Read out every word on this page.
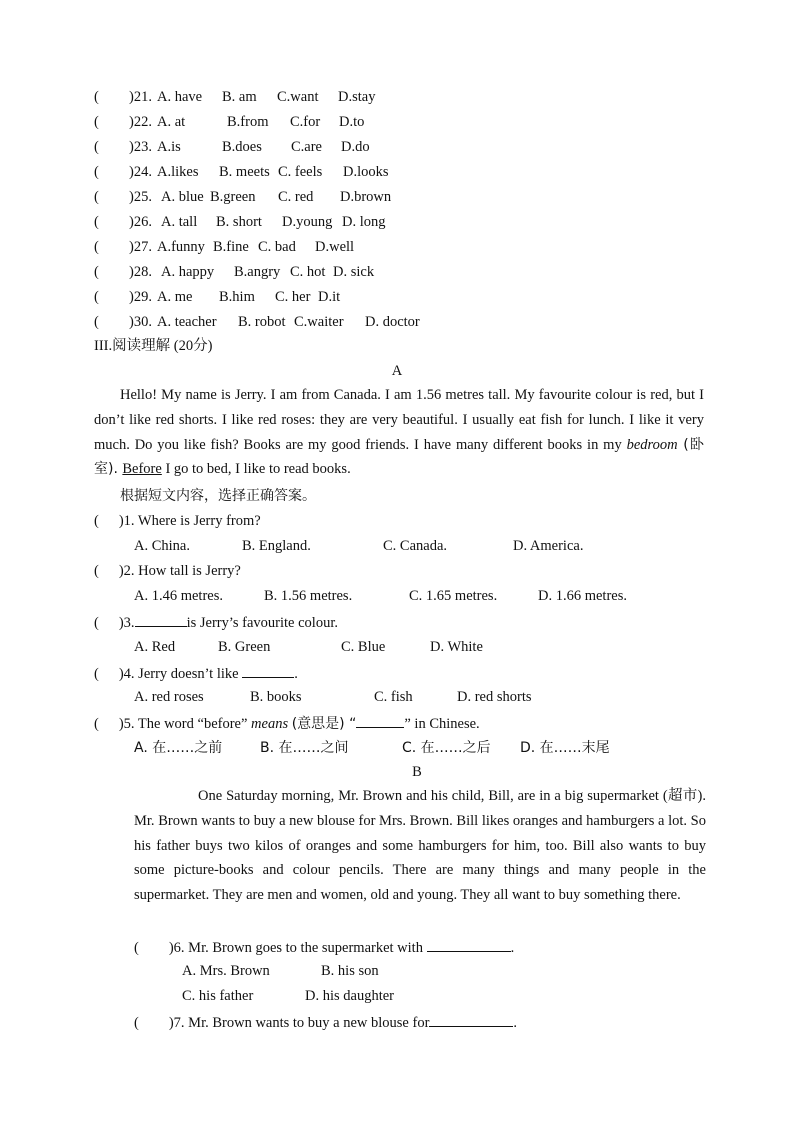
( )21. A. have B. am C.want D.stay
( )22. A. at	B.from C.for D.to
( )23. A.is	B.does C.are D.do
( )24. A.likes B. meets C. feels D.looks
( )25. A. blue B.green C. red D.brown
( )26. A. tall B. short D.young D. long
( )27. A.funny B.fine C. bad D.well
( )28. A. happy B.angry C. hot D. sick
( )29. A. me B.him C. her D.it
( )30. A. teacher B. robot C.waiter D. doctor
III.阅读理解 (20分)
A
Hello! My name is Jerry. I am from Canada. I am 1.56 metres tall. My favourite colour is red, but I don’t like red shorts. I like red roses: they are very beautiful. I usually eat fish for lunch. I like it very much. Do you like fish? Books are my good friends. I have many different books in my bedroom (卧室). Before I go to bed, I like to read books.
根据短文内容，选择正确答案。
( )1. Where is Jerry from?
A. China.	B. England.	C. Canada.	D. America.
( )2. How tall is Jerry?
A. 1.46 metres.	B. 1.56 metres.	C. 1.65 metres.	D. 1.66 metres.
( )3.	is Jerry’s favourite colour.
A. Red	B. Green	C. Blue	D. White
( )4. Jerry doesn’t like	.
A. red roses	B. books	C. fish	D. red shorts
( )5. The word “before” means (意思是) “	” in Chinese.
A. 在……之前	B. 在……之间	C. 在……之后 D. 在……末尾
B
One Saturday morning, Mr. Brown and his child, Bill, are in a big supermarket (超市). Mr. Brown wants to buy a new blouse for Mrs. Brown. Bill likes oranges and hamburgers a lot. So his father buys two kilos of oranges and some hamburgers for him, too. Bill also wants to buy some picture-books and colour pencils. There are many things and many people in the supermarket. They are men and women, old and young. They all want to buy something there.
( )6. Mr. Brown goes to the supermarket with	.
A. Mrs. Brown	B. his son
C. his father	D. his daughter
( )7. Mr. Brown wants to buy a new blouse for	.
